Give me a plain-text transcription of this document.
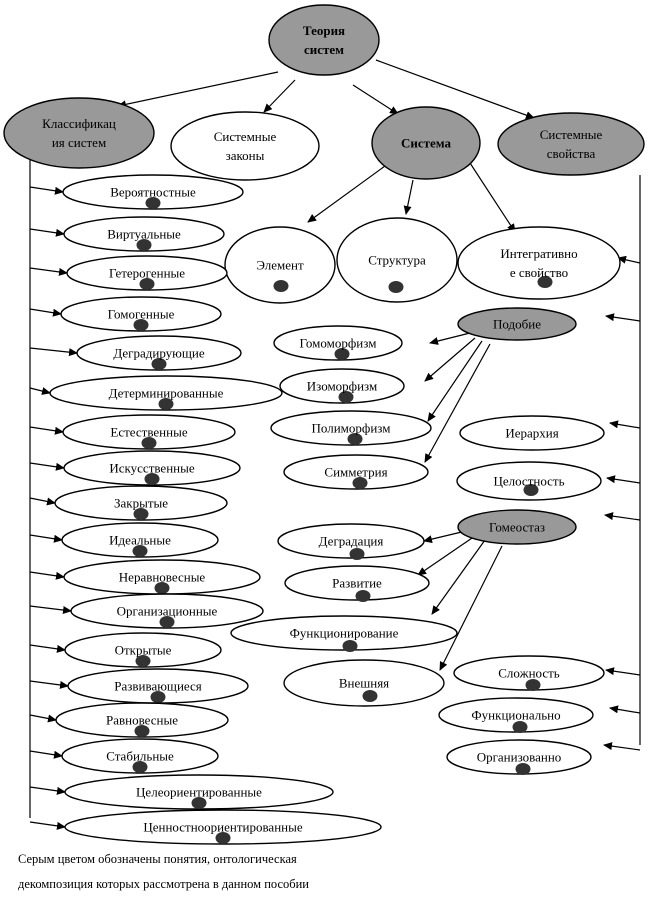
Теория
систем
Классификац
ия систем	Системные
законы
Система
Системные
свойства
Элемент	Структура	Интегративно
е свойство
Вероятностные
Виртуальные
Гетерогенные
Гомогенные
Деградирующие
Детерминированные
Естественные
Искусственные
Закрытые
Идеальные
Неравновесные
Организационные
Открытые
Развивающиеся
Равновесные
Стабильные
Целеориентированные
Ценностноориентированные
Подобие
Гомоморфизм
Изоморфизм
Полиморфизм
Симметрия
Иерархия
Целостность
Гомеостаз
Деградация
Развитие
Функционирование
Внешняя
Сложность
Функционально
Организованно
Серым цветом обозначены понятия, онтологическая
декомпозиция которых рассмотрена в данном пособии
